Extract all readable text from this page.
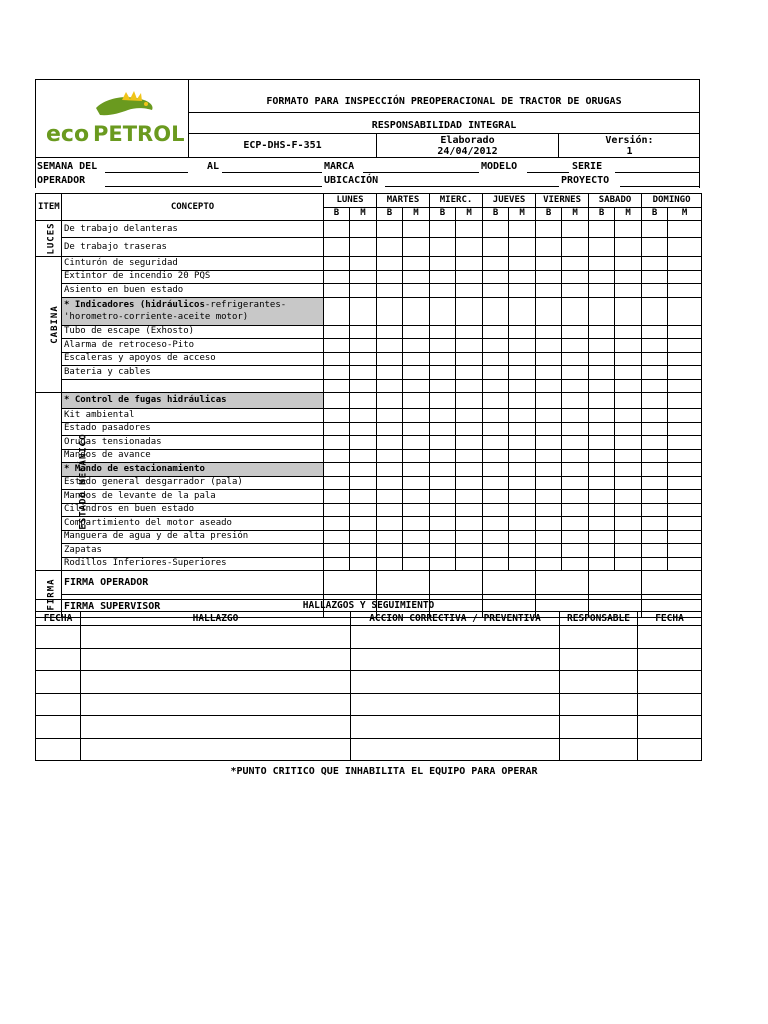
eco PETROL
FORMATO PARA INSPECCIÓN PREOPERACIONAL DE TRACTOR DE ORUGAS
RESPONSABILIDAD INTEGRAL
ECP-DHS-F-351	Elaborado
24/04/2012
Versión:
1
SEMANA DEL	AL	MARCA	MODELO	SERIE
OPERADOR	UBICACIÓN	PROYECTO
ITEM	CONCEPTO	LUNES		MARTES		MIERC.		JUEVES		VIERNES		SABADO		DOMINGO	
		B	M	B	M	B	M	B	M	B	M	B	M	B	M
LUCES	De trabajo delanteras														
	De trabajo traseras														
CABINA	Cinturón de seguridad														
	Extintor de incendio 20 PQS														
	Asiento en buen estado														
	* Indicadores (hidráulicos-refrigerantes-
'horometro-corriente-aceite motor)														
	Tubo de escape (Exhosto)														
	Alarma de retroceso-Pito														
	Escaleras y apoyos de acceso														
	Bateria y cables														

ESTADO MECÁNICO	* Control de fugas hidráulicas														
	Kit ambiental														
	Estado pasadores														
	Orugas tensionadas														
	Mandos de avance														
	* Mando de estacionamiento														
	Estado general desgarrador (pala)														
	Mandos de levante de la pala														
	Cilindros en buen estado														
	Compartimiento del motor aseado														
	Manguera de agua y de alta presión														
	Zapatas														
	Rodillos Inferiores-Superiores														
FIRMA	FIRMA OPERADOR														
	FIRMA SUPERVISOR															HALLAZGOS Y SEGUIMIENTO				
FECHA	HALLAZGO	ACCION CORRECTIVA / PREVENTIVA	RESPONSABLE	FECHA

*PUNTO CRITICO QUE INHABILITA EL EQUIPO PARA OPERAR
